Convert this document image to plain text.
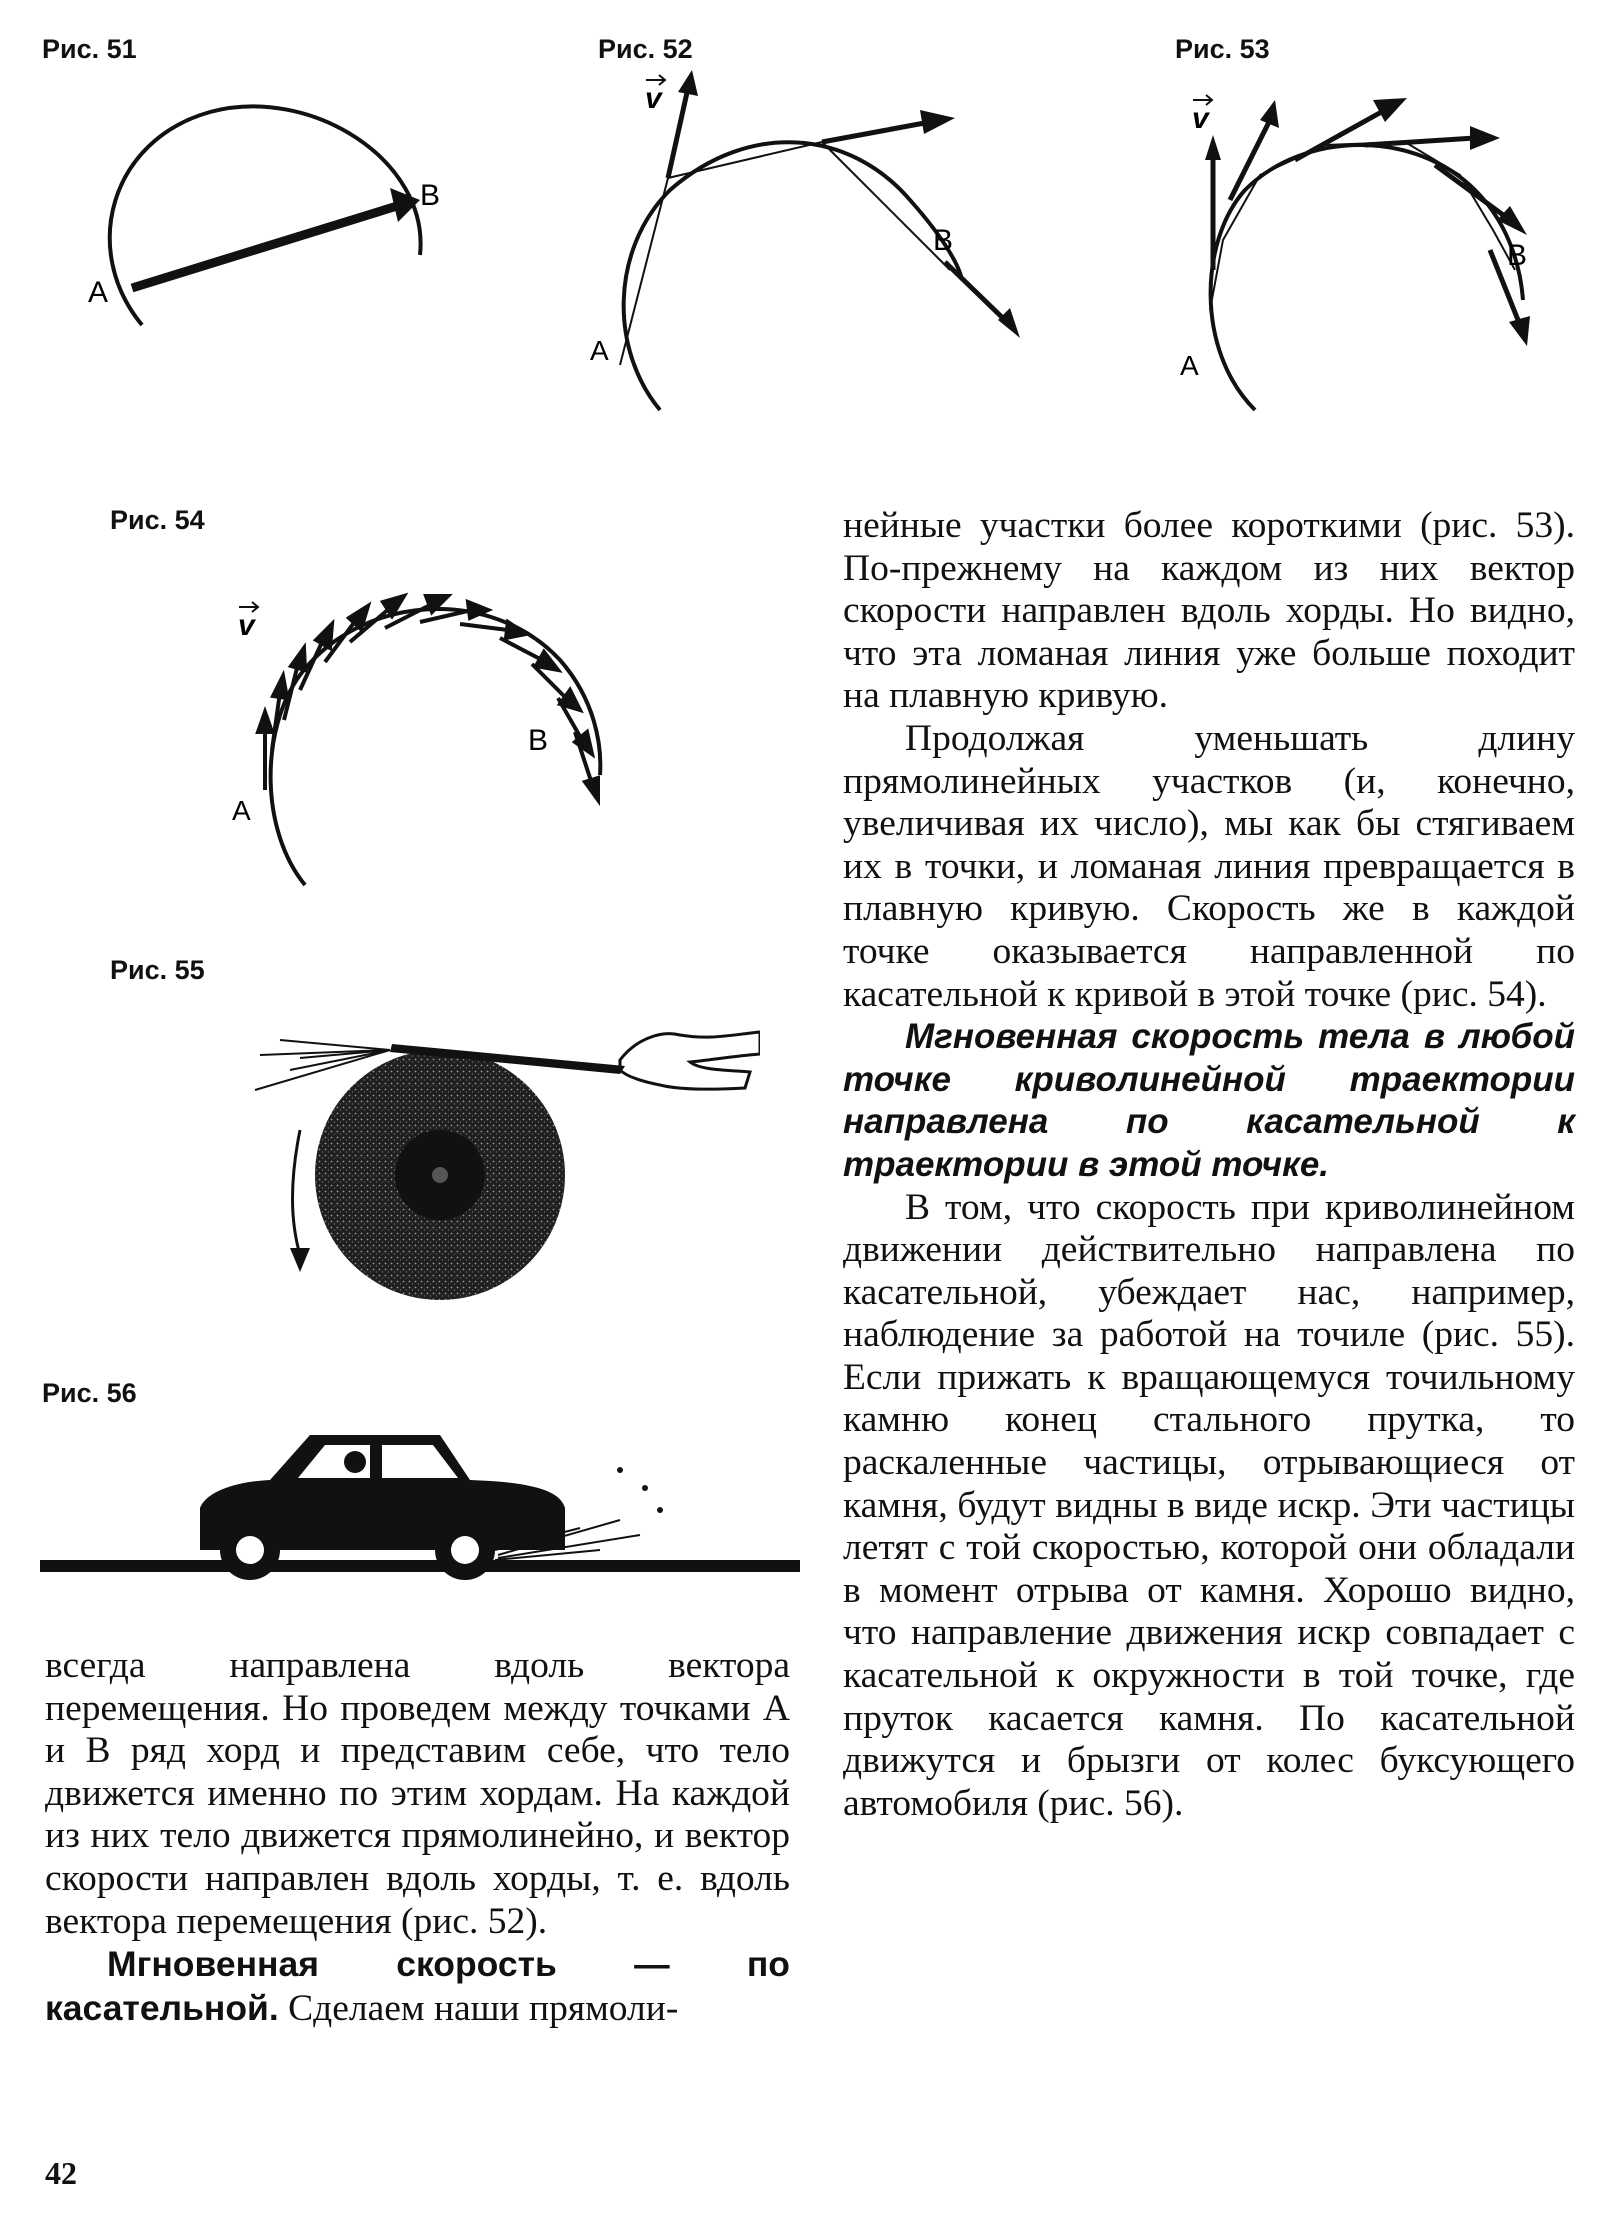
Рис. 51	Рис. 52	Рис. 53
Рис. 54
Рис. 55
Рис. 56
A
B
A
B
v
A
B
v
A
B
v

всегда направлена вдоль вектора перемещения. Но проведем между точками A и B ряд хорд и представим себе, что тело движется именно по этим хордам. На каждой из них тело движется прямолинейно, и вектор скорости направлен вдоль хорды, т. е. вдоль вектора перемещения (рис. 52).

Мгновенная скорость — по касательной. Сделаем наши прямоли-

нейные участки более короткими (рис. 53). По-прежнему на каждом из них вектор скорости направлен вдоль хорды. Но видно, что эта ломаная линия уже больше походит на плавную кривую.

Продолжая уменьшать длину прямолинейных участков (и, конечно, увеличивая их число), мы как бы стягиваем их в точки, и ломаная линия превращается в плавную кривую. Скорость же в каждой точке оказывается направленной по касательной к кривой в этой точке (рис. 54).

Мгновенная скорость тела в любой точке криволинейной траектории направлена по касательной к траектории в этой точке.

В том, что скорость при криволинейном движении действительно направлена по касательной, убеждает нас, например, наблюдение за работой на точиле (рис. 55). Если прижать к вращающемуся точильному камню конец стального прутка, то раскаленные частицы, отрывающиеся от камня, будут видны в виде искр. Эти частицы летят с той скоростью, которой они обладали в момент отрыва от камня. Хорошо видно, что направление движения искр совпадает с касательной к окружности в той точке, где пруток касается камня. По касательной движутся и брызги от колес буксующего автомобиля (рис. 56).

42
